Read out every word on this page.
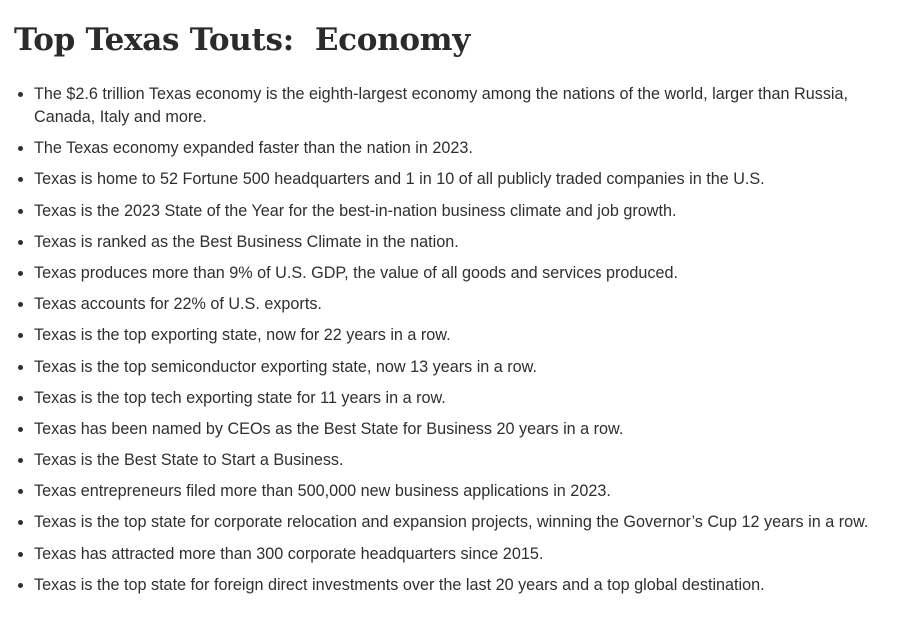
Top Texas Touts:  Economy
The $2.6 trillion Texas economy is the eighth-largest economy among the nations of the world, larger than Russia, Canada, Italy and more.
The Texas economy expanded faster than the nation in 2023.
Texas is home to 52 Fortune 500 headquarters and 1 in 10 of all publicly traded companies in the U.S.
Texas is the 2023 State of the Year for the best-in-nation business climate and job growth.
Texas is ranked as the Best Business Climate in the nation.
Texas produces more than 9% of U.S. GDP, the value of all goods and services produced.
Texas accounts for 22% of U.S. exports.
Texas is the top exporting state, now for 22 years in a row.
Texas is the top semiconductor exporting state, now 13 years in a row.
Texas is the top tech exporting state for 11 years in a row.
Texas has been named by CEOs as the Best State for Business 20 years in a row.
Texas is the Best State to Start a Business.
Texas entrepreneurs filed more than 500,000 new business applications in 2023.
Texas is the top state for corporate relocation and expansion projects, winning the Governor’s Cup 12 years in a row.
Texas has attracted more than 300 corporate headquarters since 2015.
Texas is the top state for foreign direct investments over the last 20 years and a top global destination.
